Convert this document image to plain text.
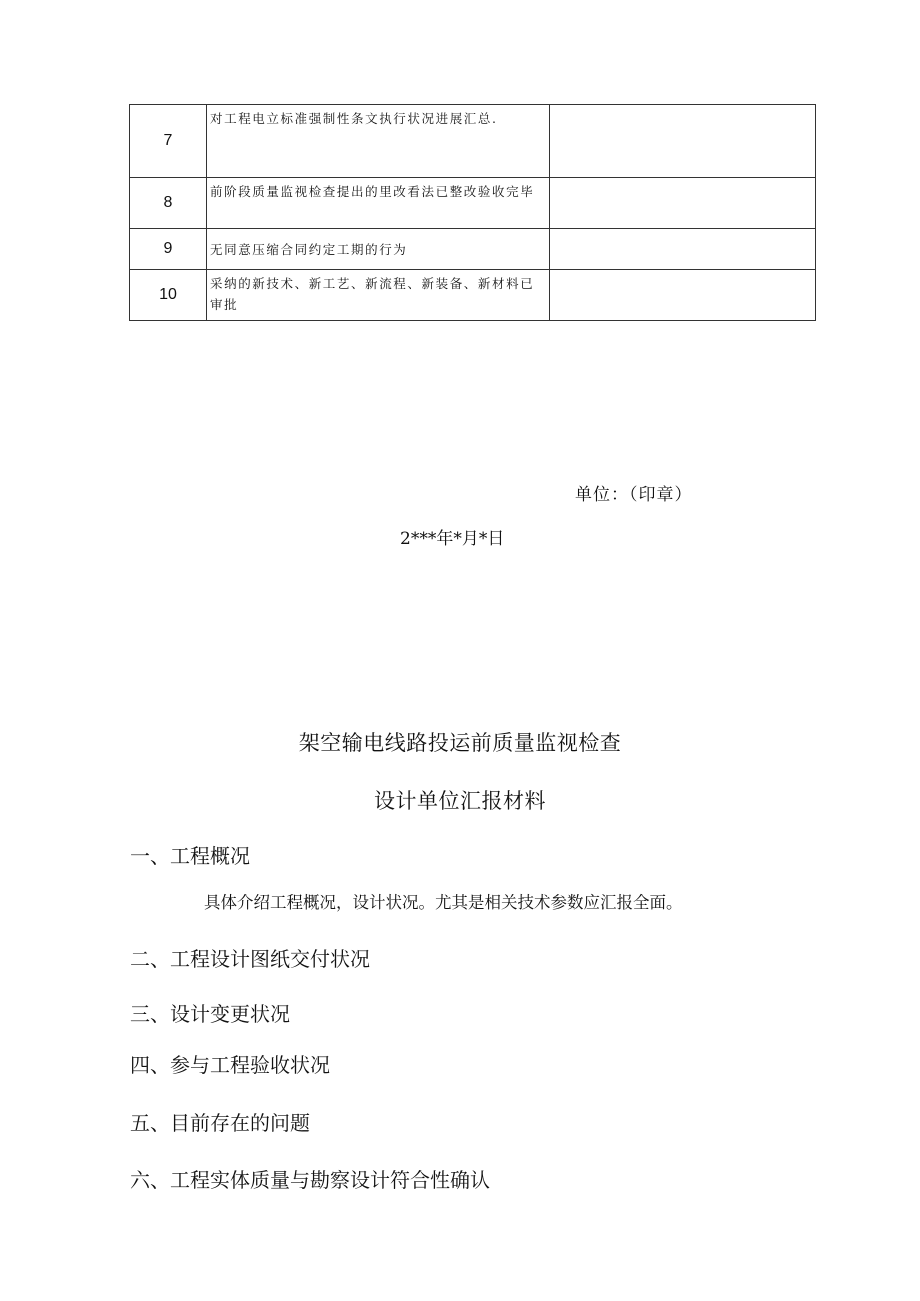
7	对工程电立标准强制性条文执行状况进展汇总.	
8	前阶段质量监视检查提出的里改看法已整改验收完毕	
9	无同意压缩合同约定工期的行为	
10	采纳的新技术、新工艺、新流程、新装备、新材料已审批	
单位：（印章）
2***年*月*日
架空输电线路投运前质量监视检查
设计单位汇报材料
一、工程概况
具体介绍工程概况，设计状况。尤其是相关技术参数应汇报全面。
二、工程设计图纸交付状况
三、设计变更状况
四、参与工程验收状况
五、目前存在的问题
六、工程实体质量与勘察设计符合性确认
